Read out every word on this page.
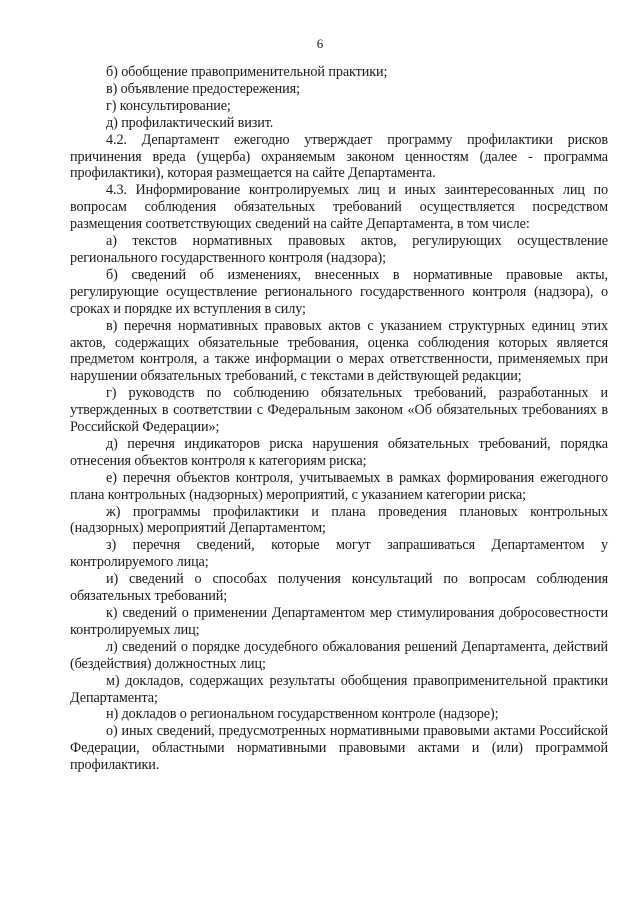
6

б) обобщение правоприменительной практики;

в) объявление предостережения;

г) консультирование;

д) профилактический визит.

4.2. Департамент ежегодно утверждает программу профилактики рисков причинения вреда (ущерба) охраняемым законом ценностям (далее - программа профилактики), которая размещается на сайте Департамента.

4.3. Информирование контролируемых лиц и иных заинтересованных лиц по вопросам соблюдения обязательных требований осуществляется посредством размещения соответствующих сведений на сайте Департамента, в том числе:

а) текстов нормативных правовых актов, регулирующих осуществление регионального государственного контроля (надзора);

б) сведений об изменениях, внесенных в нормативные правовые акты, регулирующие осуществление регионального государственного контроля (надзора), о сроках и порядке их вступления в силу;

в) перечня нормативных правовых актов с указанием структурных единиц этих актов, содержащих обязательные требования, оценка соблюдения которых является предметом контроля, а также информации о мерах ответственности, применяемых при нарушении обязательных требований, с текстами в действующей редакции;

г) руководств по соблюдению обязательных требований, разработанных и утвержденных в соответствии с Федеральным законом «Об обязательных требованиях в Российской Федерации»;

д) перечня индикаторов риска нарушения обязательных требований, порядка отнесения объектов контроля к категориям риска;

е) перечня объектов контроля, учитываемых в рамках формирования ежегодного плана контрольных (надзорных) мероприятий, с указанием категории риска;

ж) программы профилактики и плана проведения плановых контрольных (надзорных) мероприятий Департаментом;

з) перечня сведений, которые могут запрашиваться Департаментом у контролируемого лица;

и) сведений о способах получения консультаций по вопросам соблюдения обязательных требований;

к) сведений о применении Департаментом мер стимулирования добросовестности контролируемых лиц;

л) сведений о порядке досудебного обжалования решений Департамента, действий (бездействия) должностных лиц;

м) докладов, содержащих результаты обобщения правоприменительной практики Департамента;

н) докладов о региональном государственном контроле (надзоре);

о) иных сведений, предусмотренных нормативными правовыми актами Российской Федерации, областными нормативными правовыми актами и (или) программой профилактики.
